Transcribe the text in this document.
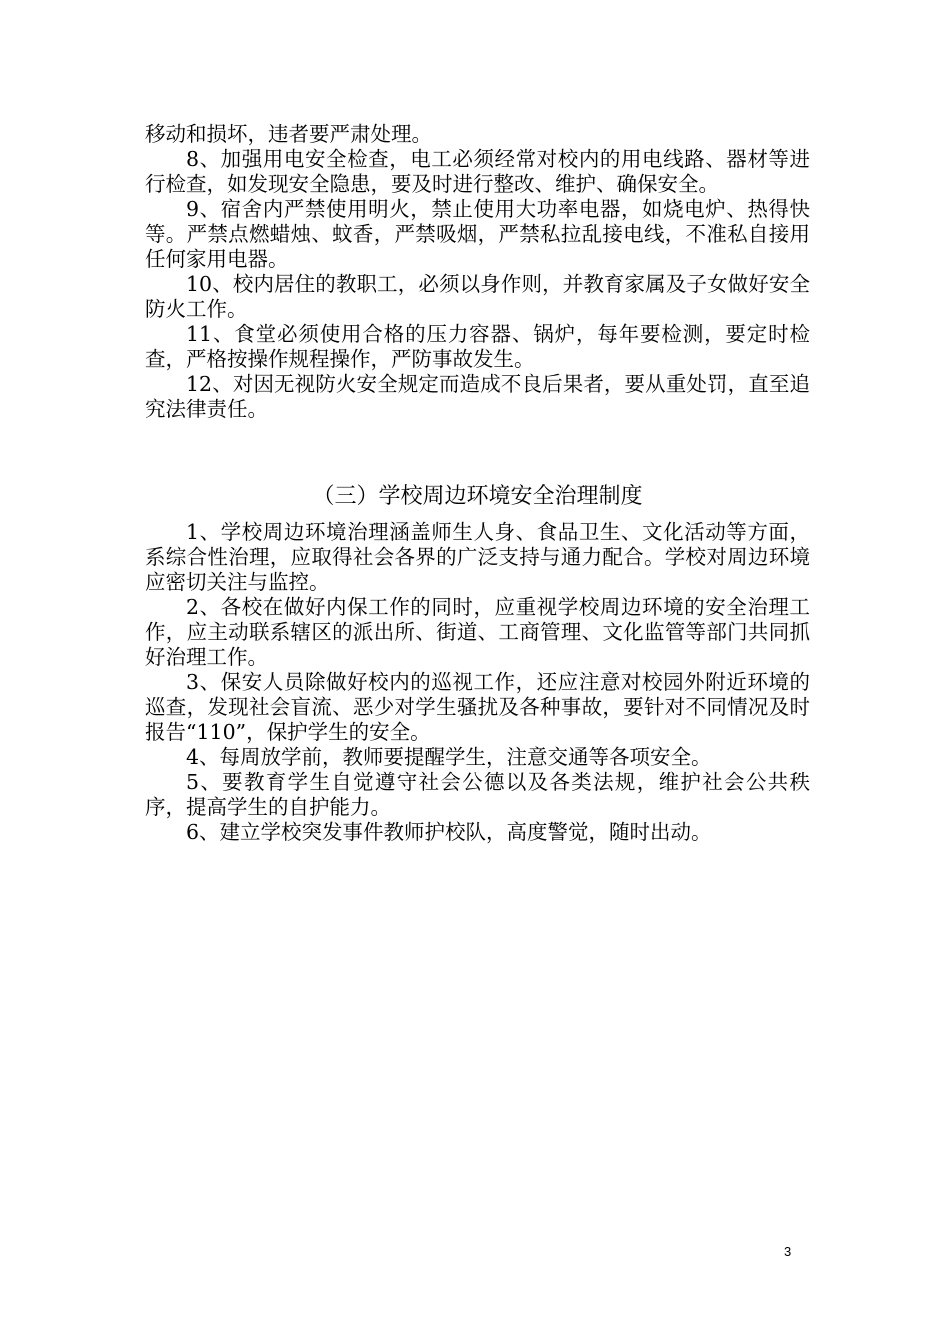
移动和损坏，违者要严肃处理。

8、加强用电安全检查，电工必须经常对校内的用电线路、器材等进行检查，如发现安全隐患，要及时进行整改、维护、确保安全。

9、宿舍内严禁使用明火，禁止使用大功率电器，如烧电炉、热得快等。严禁点燃蜡烛、蚊香，严禁吸烟，严禁私拉乱接电线，不准私自接用任何家用电器。

10、校内居住的教职工，必须以身作则，并教育家属及子女做好安全防火工作。

11、食堂必须使用合格的压力容器、锅炉，每年要检测，要定时检查，严格按操作规程操作，严防事故发生。

12、对因无视防火安全规定而造成不良后果者，要从重处罚，直至追究法律责任。

（三）学校周边环境安全治理制度

1、学校周边环境治理涵盖师生人身、食品卫生、文化活动等方面，系综合性治理，应取得社会各界的广泛支持与通力配合。学校对周边环境应密切关注与监控。

2、各校在做好内保工作的同时，应重视学校周边环境的安全治理工作，应主动联系辖区的派出所、街道、工商管理、文化监管等部门共同抓好治理工作。

3、保安人员除做好校内的巡视工作，还应注意对校园外附近环境的巡查，发现社会盲流、恶少对学生骚扰及各种事故，要针对不同情况及时报告“110”，保护学生的安全。

4、每周放学前，教师要提醒学生，注意交通等各项安全。

5、要教育学生自觉遵守社会公德以及各类法规，维护社会公共秩序，提高学生的自护能力。

6、建立学校突发事件教师护校队，高度警觉，随时出动。

3
